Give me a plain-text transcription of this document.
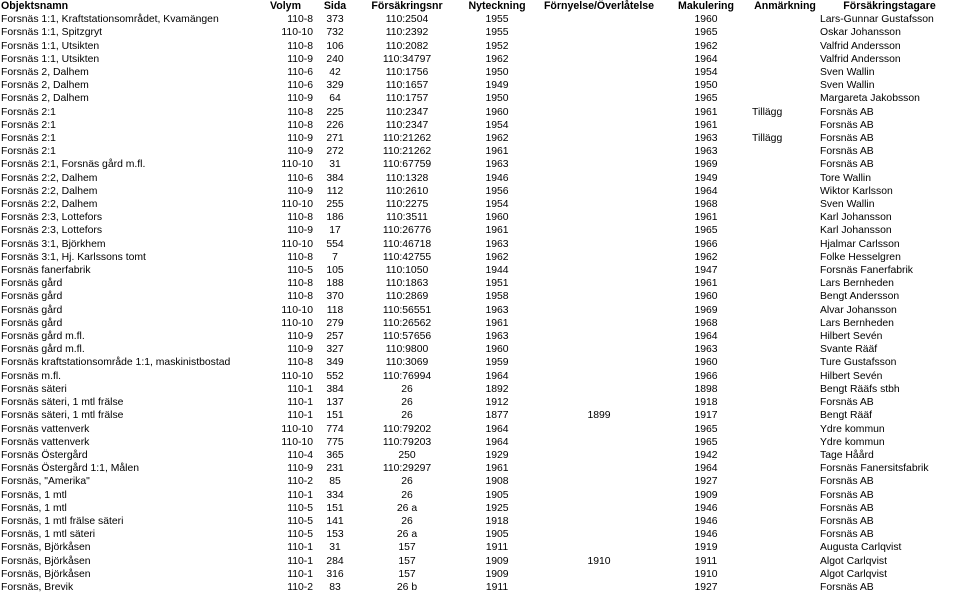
Objektsnamn	Volym	Sida	Försäkringsnr	Nyteckning	Förnyelse/Överlåtelse	Makulering	Anmärkning	Försäkringstagare
Forsnäs 1:1, Kraftstationsområdet, Kvamängen	110-8	373	110:2504	1955		1960		Lars-Gunnar Gustafsson
Forsnäs 1:1, Spitzgryt	110-10	732	110:2392	1955		1965		Oskar Johansson
Forsnäs 1:1, Utsikten	110-8	106	110:2082	1952		1962		Valfrid Andersson
Forsnäs 1:1, Utsikten	110-9	240	110:34797	1962		1964		Valfrid Andersson
Forsnäs 2, Dalhem	110-6	42	110:1756	1950		1954		Sven Wallin
Forsnäs 2, Dalhem	110-6	329	110:1657	1949		1950		Sven Wallin
Forsnäs 2, Dalhem	110-9	64	110:1757	1950		1965		Margareta Jakobsson
Forsnäs 2:1	110-8	225	110:2347	1960		1961	Tillägg	Forsnäs AB
Forsnäs 2:1	110-8	226	110:2347	1954		1961		Forsnäs AB
Forsnäs 2:1	110-9	271	110:21262	1962		1963	Tillägg	Forsnäs AB
Forsnäs 2:1	110-9	272	110:21262	1961		1963		Forsnäs AB
Forsnäs 2:1, Forsnäs gård m.fl.	110-10	31	110:67759	1963		1969		Forsnäs AB
Forsnäs 2:2, Dalhem	110-6	384	110:1328	1946		1949		Tore Wallin
Forsnäs 2:2, Dalhem	110-9	112	110:2610	1956		1964		Wiktor Karlsson
Forsnäs 2:2, Dalhem	110-10	255	110:2275	1954		1968		Sven Wallin
Forsnäs 2:3, Lottefors	110-8	186	110:3511	1960		1961		Karl Johansson
Forsnäs 2:3, Lottefors	110-9	17	110:26776	1961		1965		Karl Johansson
Forsnäs 3:1, Björkhem	110-10	554	110:46718	1963		1966		Hjalmar Carlsson
Forsnäs 3:1, Hj. Karlssons tomt	110-8	7	110:42755	1962		1962		Folke Hesselgren
Forsnäs fanerfabrik	110-5	105	110:1050	1944		1947		Forsnäs Fanerfabrik
Forsnäs gård	110-8	188	110:1863	1951		1961		Lars Bernheden
Forsnäs gård	110-8	370	110:2869	1958		1960		Bengt Andersson
Forsnäs gård	110-10	118	110:56551	1963		1969		Alvar Johansson
Forsnäs gård	110-10	279	110:26562	1961		1968		Lars Bernheden
Forsnäs gård m.fl.	110-9	257	110:57656	1963		1964		Hilbert Sevén
Forsnäs gård m.fl.	110-9	327	110:9800	1960		1963		Svante Rääf
Forsnäs kraftstationsområde 1:1, maskinistbostad	110-8	349	110:3069	1959		1960		Ture Gustafsson
Forsnäs m.fl.	110-10	552	110:76994	1964		1966		Hilbert Sevén
Forsnäs säteri	110-1	384	26	1892		1898		Bengt Rääfs stbh
Forsnäs säteri, 1 mtl frälse	110-1	137	26	1912		1918		Forsnäs AB
Forsnäs säteri, 1 mtl frälse	110-1	151	26	1877	1899	1917		Bengt Rääf
Forsnäs vattenverk	110-10	774	110:79202	1964		1965		Ydre kommun
Forsnäs vattenverk	110-10	775	110:79203	1964		1965		Ydre kommun
Forsnäs Östergård	110-4	365	250	1929		1942		Tage Håård
Forsnäs Östergård 1:1, Målen	110-9	231	110:29297	1961		1964		Forsnäs Fanersitsfabrik
Forsnäs, "Amerika"	110-2	85	26	1908		1927		Forsnäs AB
Forsnäs, 1 mtl	110-1	334	26	1905		1909		Forsnäs AB
Forsnäs, 1 mtl	110-5	151	26 a	1925		1946		Forsnäs AB
Forsnäs, 1 mtl frälse säteri	110-5	141	26	1918		1946		Forsnäs AB
Forsnäs, 1 mtl säteri	110-5	153	26 a	1905		1946		Forsnäs AB
Forsnäs, Björkåsen	110-1	31	157	1911		1919		Augusta Carlqvist
Forsnäs, Björkåsen	110-1	284	157	1909	1910	1911		Algot Carlqvist
Forsnäs, Björkåsen	110-1	316	157	1909		1910		Algot Carlqvist
Forsnäs, Brevik	110-2	83	26 b	1911		1927		Forsnäs AB
